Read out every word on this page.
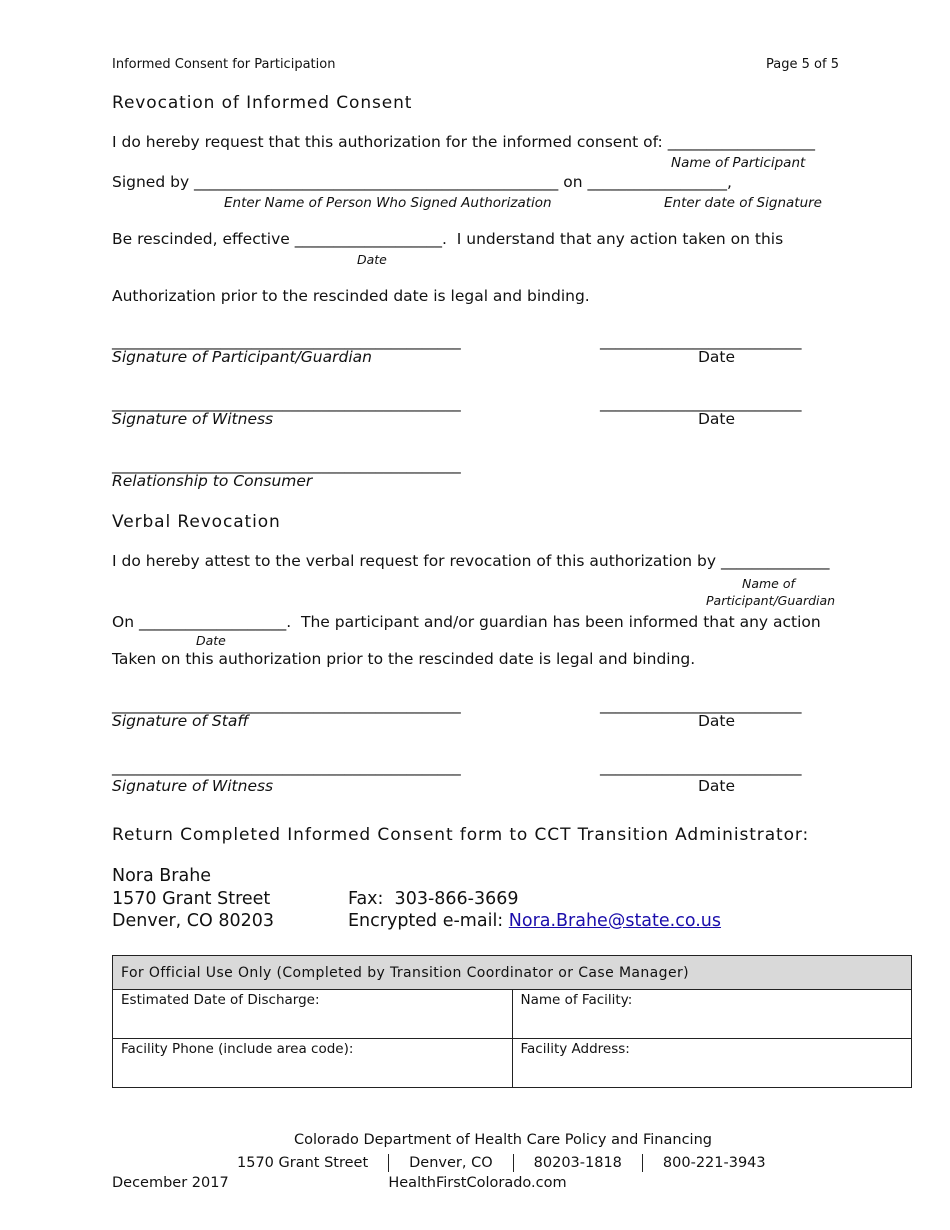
Informed Consent for Participation	Page 5 of 5
Revocation of Informed Consent
I do hereby request that this authorization for the informed consent of: ___________________
Name of Participant
Signed by _______________________________________________ on __________________,
Enter Name of Person Who Signed Authorization	Enter date of Signature
Be rescinded, effective ___________________.  I understand that any action taken on this
Date
Authorization prior to the rescinded date is legal and binding.
_____________________________________________	__________________________
Signature of Participant/Guardian	Date
_____________________________________________	__________________________
Signature of Witness	Date
_____________________________________________
Relationship to Consumer
Verbal Revocation
I do hereby attest to the verbal request for revocation of this authorization by ______________
Name of
Participant/Guardian
On ___________________.  The participant and/or guardian has been informed that any action
Date
Taken on this authorization prior to the rescinded date is legal and binding.
_____________________________________________	__________________________
Signature of Staff	Date
_____________________________________________	__________________________
Signature of Witness	Date
Return Completed Informed Consent form to CCT Transition Administrator:
Nora Brahe
1570 Grant Street
Denver, CO 80203
Fax:  303-866-3669
Encrypted e-mail: Nora.Brahe@state.co.us
For Official Use Only (Completed by Transition Coordinator or Case Manager)	
Estimated Date of Discharge:	Name of Facility:
Facility Phone (include area code):	Facility Address:
Colorado Department of Health Care Policy and Financing
1570 Grant Street	Denver, CO	80203-1818	800-221-3943
December 2017	HealthFirstColorado.com
